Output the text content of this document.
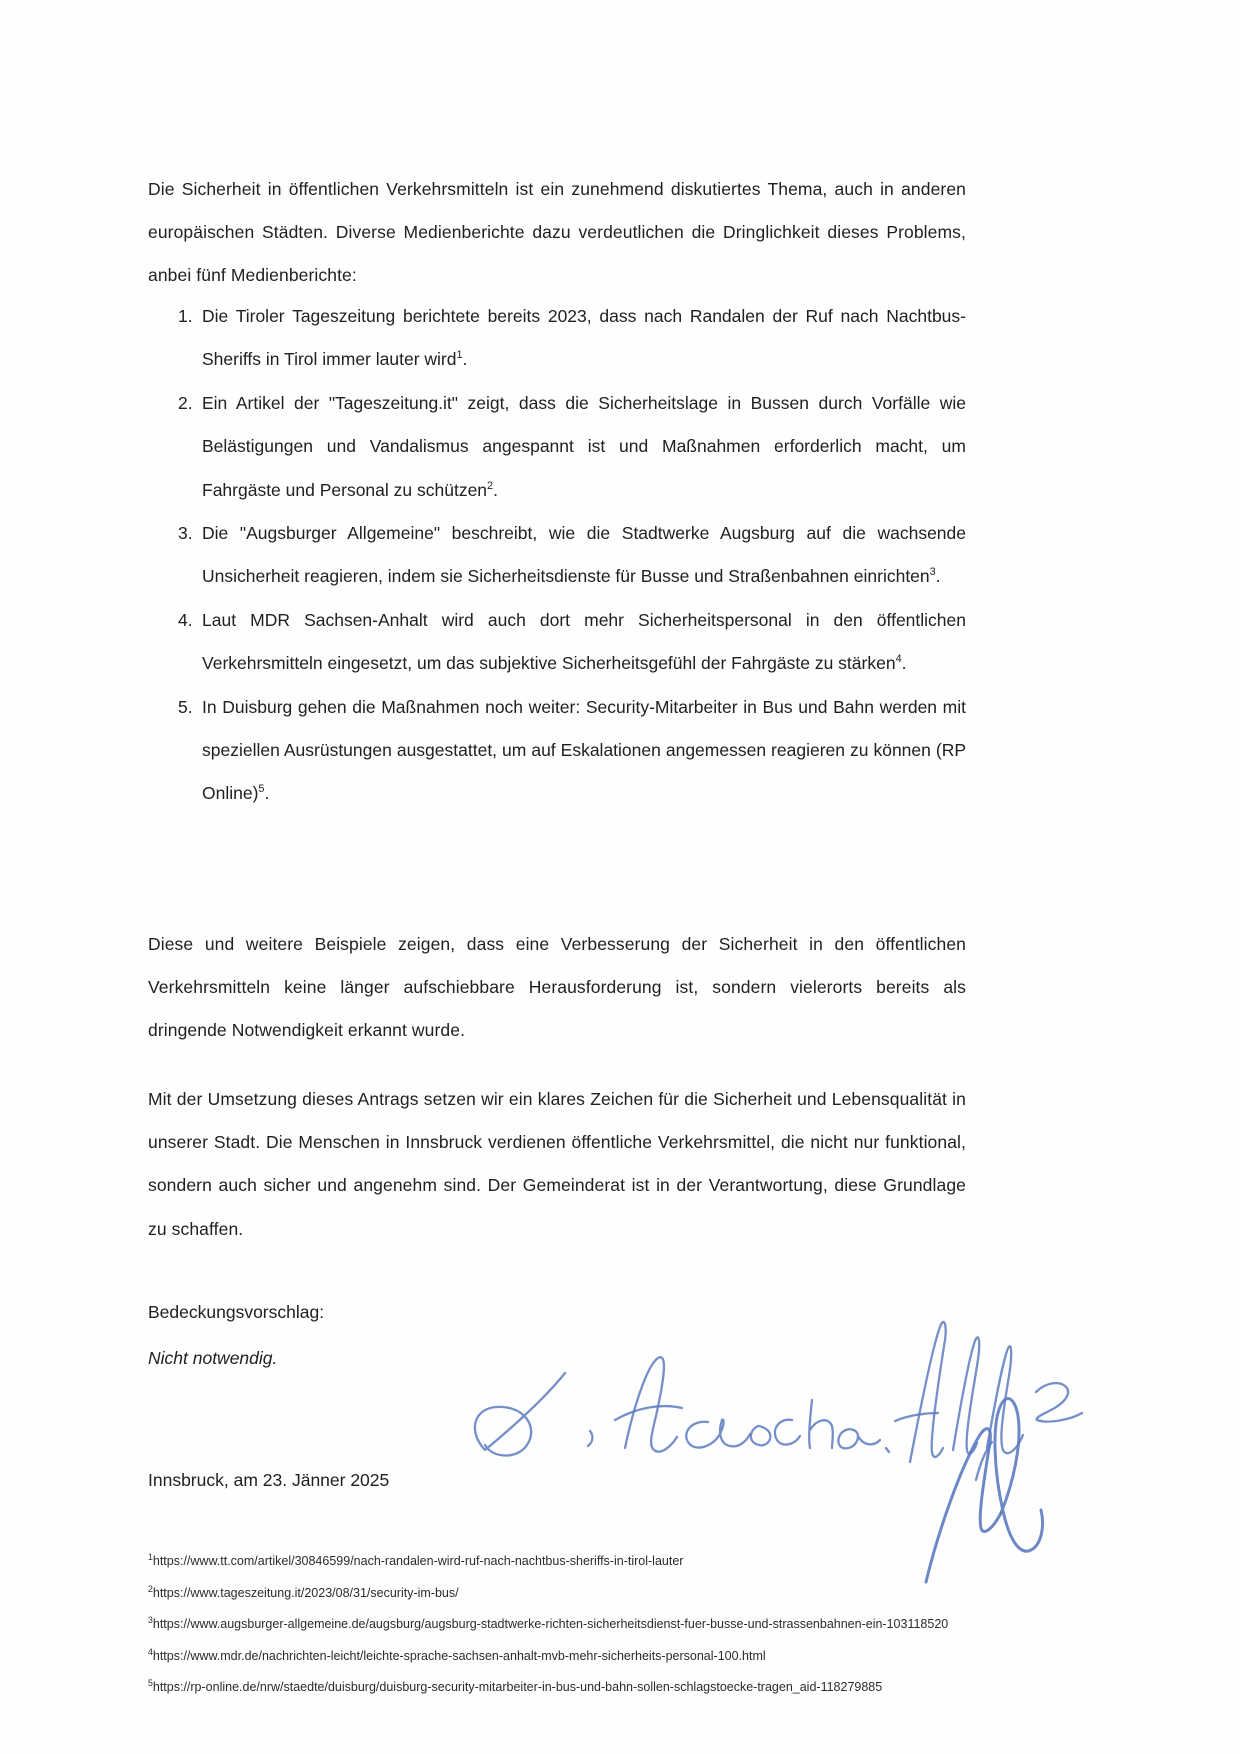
Die Sicherheit in öffentlichen Verkehrsmitteln ist ein zunehmend diskutiertes Thema, auch in anderen europäischen Städten. Diverse Medienberichte dazu verdeutlichen die Dringlichkeit dieses Problems, anbei fünf Medienberichte:

1. Die Tiroler Tageszeitung berichtete bereits 2023, dass nach Randalen der Ruf nach Nachtbus-Sheriffs in Tirol immer lauter wird$^1$.
2. Ein Artikel der "Tageszeitung.it" zeigt, dass die Sicherheitslage in Bussen durch Vorfälle wie Belästigungen und Vandalismus angespannt ist und Maßnahmen erforderlich macht, um Fahrgäste und Personal zu schützen$^2$.
3. Die "Augsburger Allgemeine" beschreibt, wie die Stadtwerke Augsburg auf die wachsende Unsicherheit reagieren, indem sie Sicherheitsdienste für Busse und Straßenbahnen einrichten$^3$.
4. Laut MDR Sachsen-Anhalt wird auch dort mehr Sicherheitspersonal in den öffentlichen Verkehrsmitteln eingesetzt, um das subjektive Sicherheitsgefühl der Fahrgäste zu stärken$^4$.
5. In Duisburg gehen die Maßnahmen noch weiter: Security-Mitarbeiter in Bus und Bahn werden mit speziellen Ausrüstungen ausgestattet, um auf Eskalationen angemessen reagieren zu können (RP Online)$^5$.

Diese und weitere Beispiele zeigen, dass eine Verbesserung der Sicherheit in den öffentlichen Verkehrsmitteln keine länger aufschiebbare Herausforderung ist, sondern vielerorts bereits als dringende Notwendigkeit erkannt wurde.

Mit der Umsetzung dieses Antrags setzen wir ein klares Zeichen für die Sicherheit und Lebensqualität in unserer Stadt. Die Menschen in Innsbruck verdienen öffentliche Verkehrsmittel, die nicht nur funktional, sondern auch sicher und angenehm sind. Der Gemeinderat ist in der Verantwortung, diese Grundlage zu schaffen.

Bedeckungsvorschlag:
Nicht notwendig.
Innsbruck, am 23. Jänner 2025
$^1$https://www.tt.com/artikel/30846599/nach-randalen-wird-ruf-nach-nachtbus-sheriffs-in-tirol-lauter
$^2$https://www.tageszeitung.it/2023/08/31/security-im-bus/
$^3$https://www.augsburger-allgemeine.de/augsburg/augsburg-stadtwerke-richten-sicherheitsdienst-fuer-busse-und-strassenbahnen-ein-103118520
$^4$https://www.mdr.de/nachrichten-leicht/leichte-sprache-sachsen-anhalt-mvb-mehr-sicherheits-personal-100.html
$^5$https://rp-online.de/nrw/staedte/duisburg/duisburg-security-mitarbeiter-in-bus-und-bahn-sollen-schlagstoecke-tragen_aid-118279885
